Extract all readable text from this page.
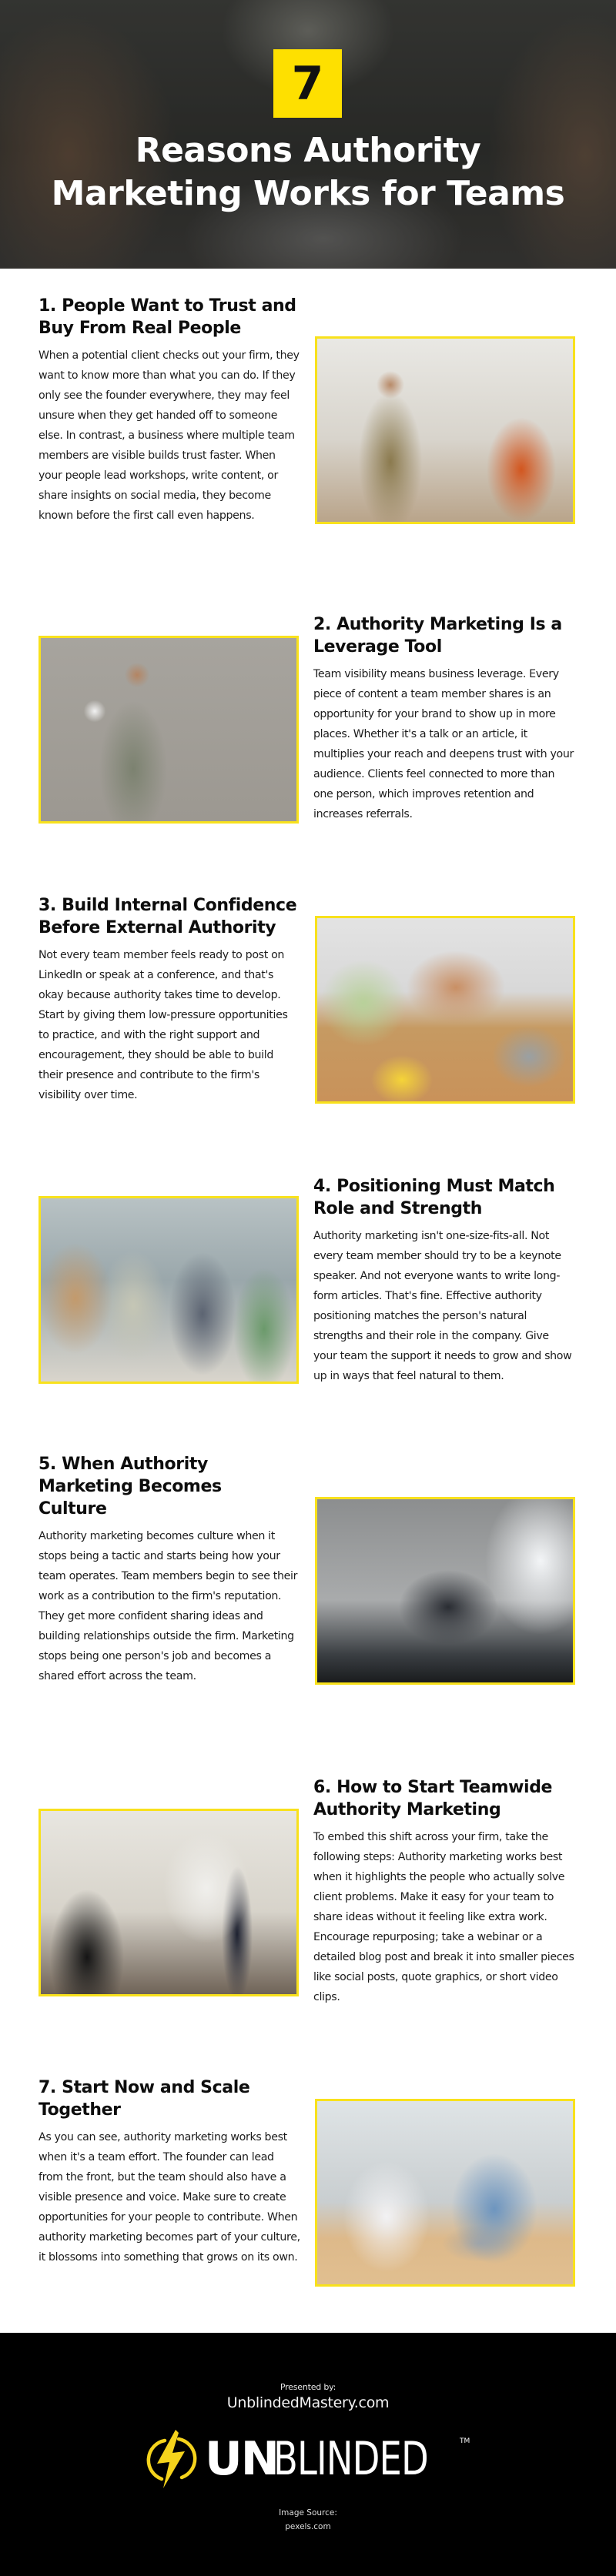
7
Reasons Authority
Marketing Works for Teams
1. People Want to Trust and Buy From Real People

When a potential client checks out your firm, they want to know more than what you can do. If they only see the founder everywhere, they may feel unsure when they get handed off to someone else. In contrast, a business where multiple team members are visible builds trust faster. When your people lead workshops, write content, or share insights on social media, they become known before the first call even happens.

2. Authority Marketing Is a Leverage Tool

Team visibility means business leverage. Every piece of content a team member shares is an opportunity for your brand to show up in more places. Whether it's a talk or an article, it multiplies your reach and deepens trust with your audience. Clients feel connected to more than one person, which improves retention and increases referrals.

3. Build Internal Confidence Before External Authority

Not every team member feels ready to post on LinkedIn or speak at a conference, and that's okay because authority takes time to develop. Start by giving them low-pressure opportunities to practice, and with the right support and encouragement, they should be able to build their presence and contribute to the firm's visibility over time.

4. Positioning Must Match Role and Strength

Authority marketing isn't one-size-fits-all. Not every team member should try to be a keynote speaker. And not everyone wants to write long-form articles. That's fine. Effective authority positioning matches the person's natural strengths and their role in the company. Give your team the support it needs to grow and show up in ways that feel natural to them.

5. When Authority Marketing Becomes Culture

Authority marketing becomes culture when it stops being a tactic and starts being how your team operates. Team members begin to see their work as a contribution to the firm's reputation. They get more confident sharing ideas and building relationships outside the firm. Marketing stops being one person's job and becomes a shared effort across the team.

6. How to Start Teamwide Authority Marketing

To embed this shift across your firm, take the following steps: Authority marketing works best when it highlights the people who actually solve client problems. Make it easy for your team to share ideas without it feeling like extra work. Encourage repurposing; take a webinar or a detailed blog post and break it into smaller pieces like social posts, quote graphics, or short video clips.

7. Start Now and Scale Together

As you can see, authority marketing works best when it's a team effort. The founder can lead from the front, but the team should also have a visible presence and voice. Make sure to create opportunities for your people to contribute. When authority marketing becomes part of your culture, it blossoms into something that grows on its own.

Presented by:
UnblindedMastery.com
UN
BLINDED	TM
Image Source:
pexels.com
